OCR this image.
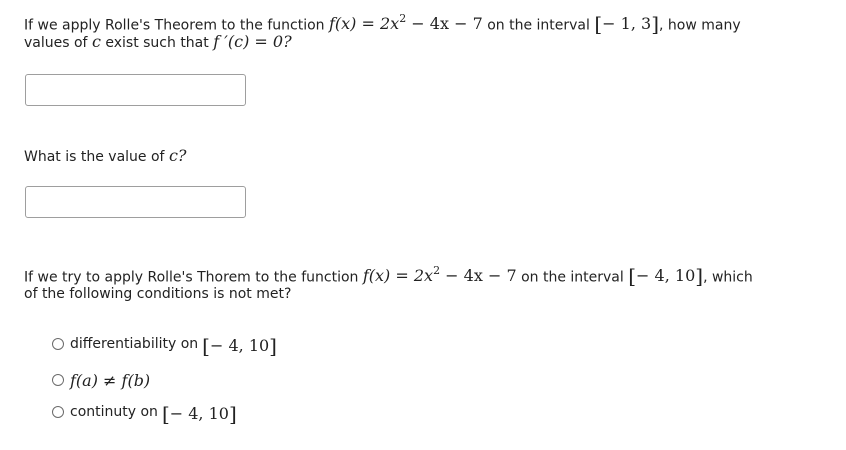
If we apply Rolle's Theorem to the function $f(x) = 2x^2 - 4x - 7$ on the interval [− 1, 3], how many
values of c exist such that f ′(c) = 0?
What is the value of c?
If we try to apply Rolle's Thorem to the function $f(x) = 2x^2 - 4x - 7$ on the interval [− 4, 10], which
of the following conditions is not met?
differentiability on [− 4, 10]
f(a) ≠ f(b)
continuty on [− 4, 10]
